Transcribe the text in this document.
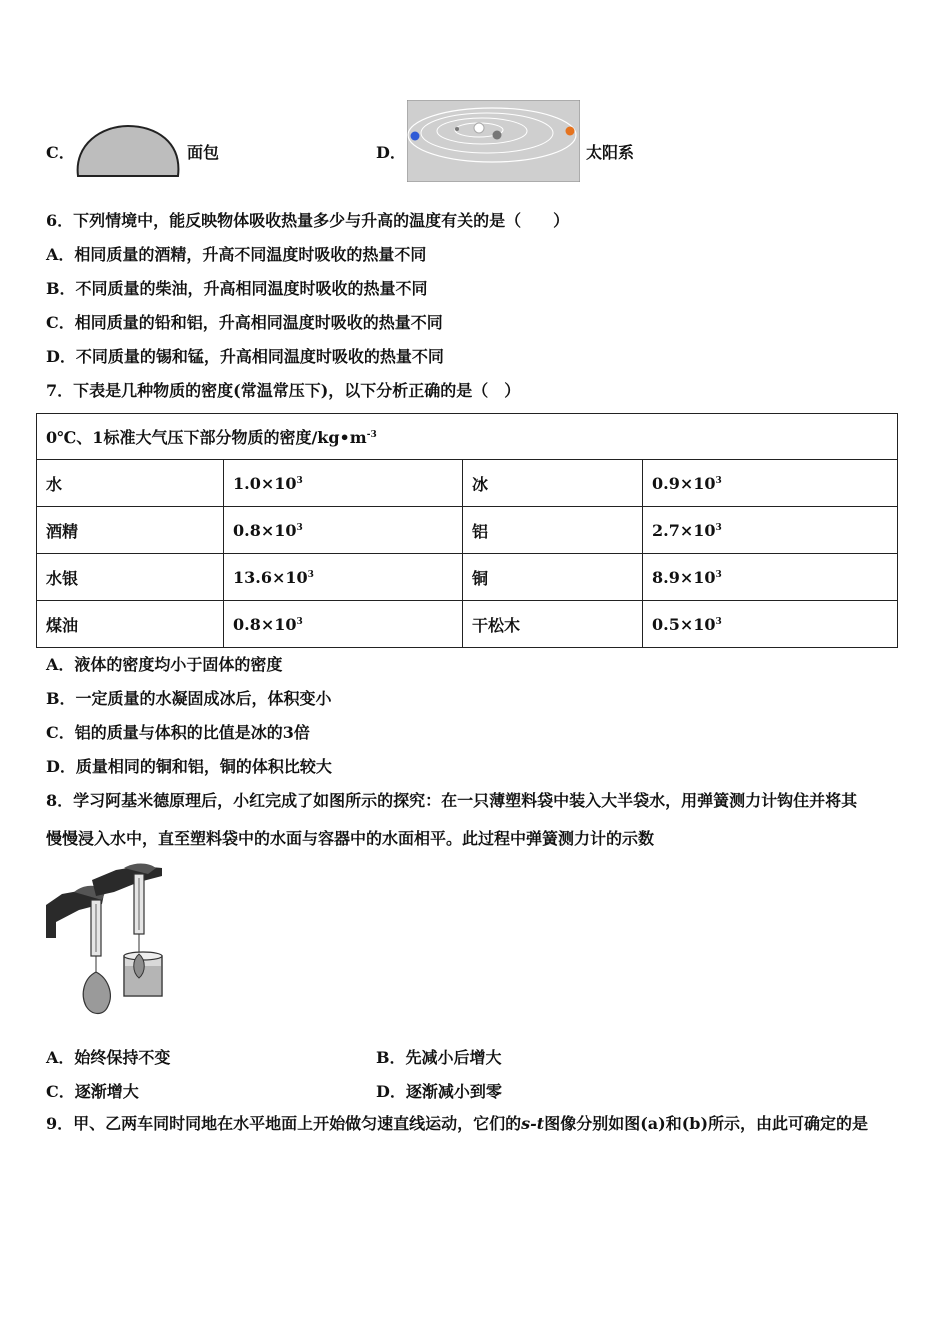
C．	面包	D．	太阳系
6．下列情境中，能反映物体吸收热量多少与升高的温度有关的是（　　）
A．相同质量的酒精，升高不同温度时吸收的热量不同
B．不同质量的柴油，升高相同温度时吸收的热量不同
C．相同质量的铅和铝，升高相同温度时吸收的热量不同
D．不同质量的锡和锰，升高相同温度时吸收的热量不同
7．下表是几种物质的密度(常温常压下)，以下分析正确的是（　）
0℃、1标准大气压下部分物质的密度$/kg•m^{-3}$
水	$1.0\times 10^3$	冰	$0.9\times 10^3$
酒精	$0.8\times 10^3$	铝	$2.7\times 10^3$
水银	$13.6\times 10^3$	铜	$8.9\times 10^3$
煤油	$0.8\times 10^3$	干松木	$0.5\times 10^3$
A．液体的密度均小于固体的密度
B．一定质量的水凝固成冰后，体积变小
C．铝的质量与体积的比值是冰的3倍
D．质量相同的铜和铝，铜的体积比较大
8．学习阿基米德原理后，小红完成了如图所示的探究：在一只薄塑料袋中装入大半袋水，用弹簧测力计钩住并将其
慢慢浸入水中，直至塑料袋中的水面与容器中的水面相平。此过程中弹簧测力计的示数
A．始终保持不变	B．先减小后增大
C．逐渐增大	D．逐渐减小到零
9．甲、乙两车同时同地在水平地面上开始做匀速直线运动，它们的s-t图像分别如图(a)和(b)所示，由此可确定的是
